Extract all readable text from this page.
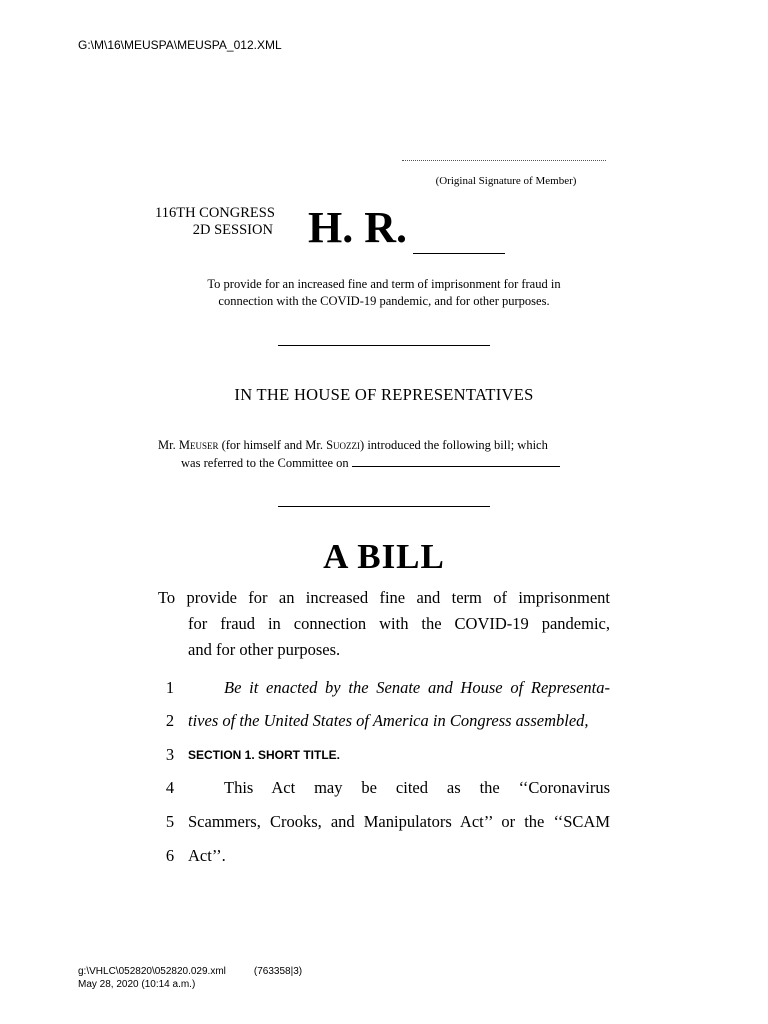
G:\M\16\MEUSPA\MEUSPA_012.XML
(Original Signature of Member)
116TH CONGRESS
2D SESSION H. R.
To provide for an increased fine and term of imprisonment for fraud in
connection with the COVID-19 pandemic, and for other purposes.
IN THE HOUSE OF REPRESENTATIVES
Mr. Meuser (for himself and Mr. Suozzi) introduced the following bill; which
was referred to the Committee on
A BILL
To provide for an increased fine and term of imprisonment
for fraud in connection with the COVID-19 pandemic,
and for other purposes.
1	Be it enacted by the Senate and House of Representa-
2 tives of the United States of America in Congress assembled,
3	SECTION 1. SHORT TITLE.
4	This Act may be cited as the ‘‘Coronavirus
5 Scammers, Crooks, and Manipulators Act’’ or the ‘‘SCAM
6 Act’’.
g:\VHLC\052820\052820.029.xml	(763358|3)
May 28, 2020 (10:14 a.m.)
